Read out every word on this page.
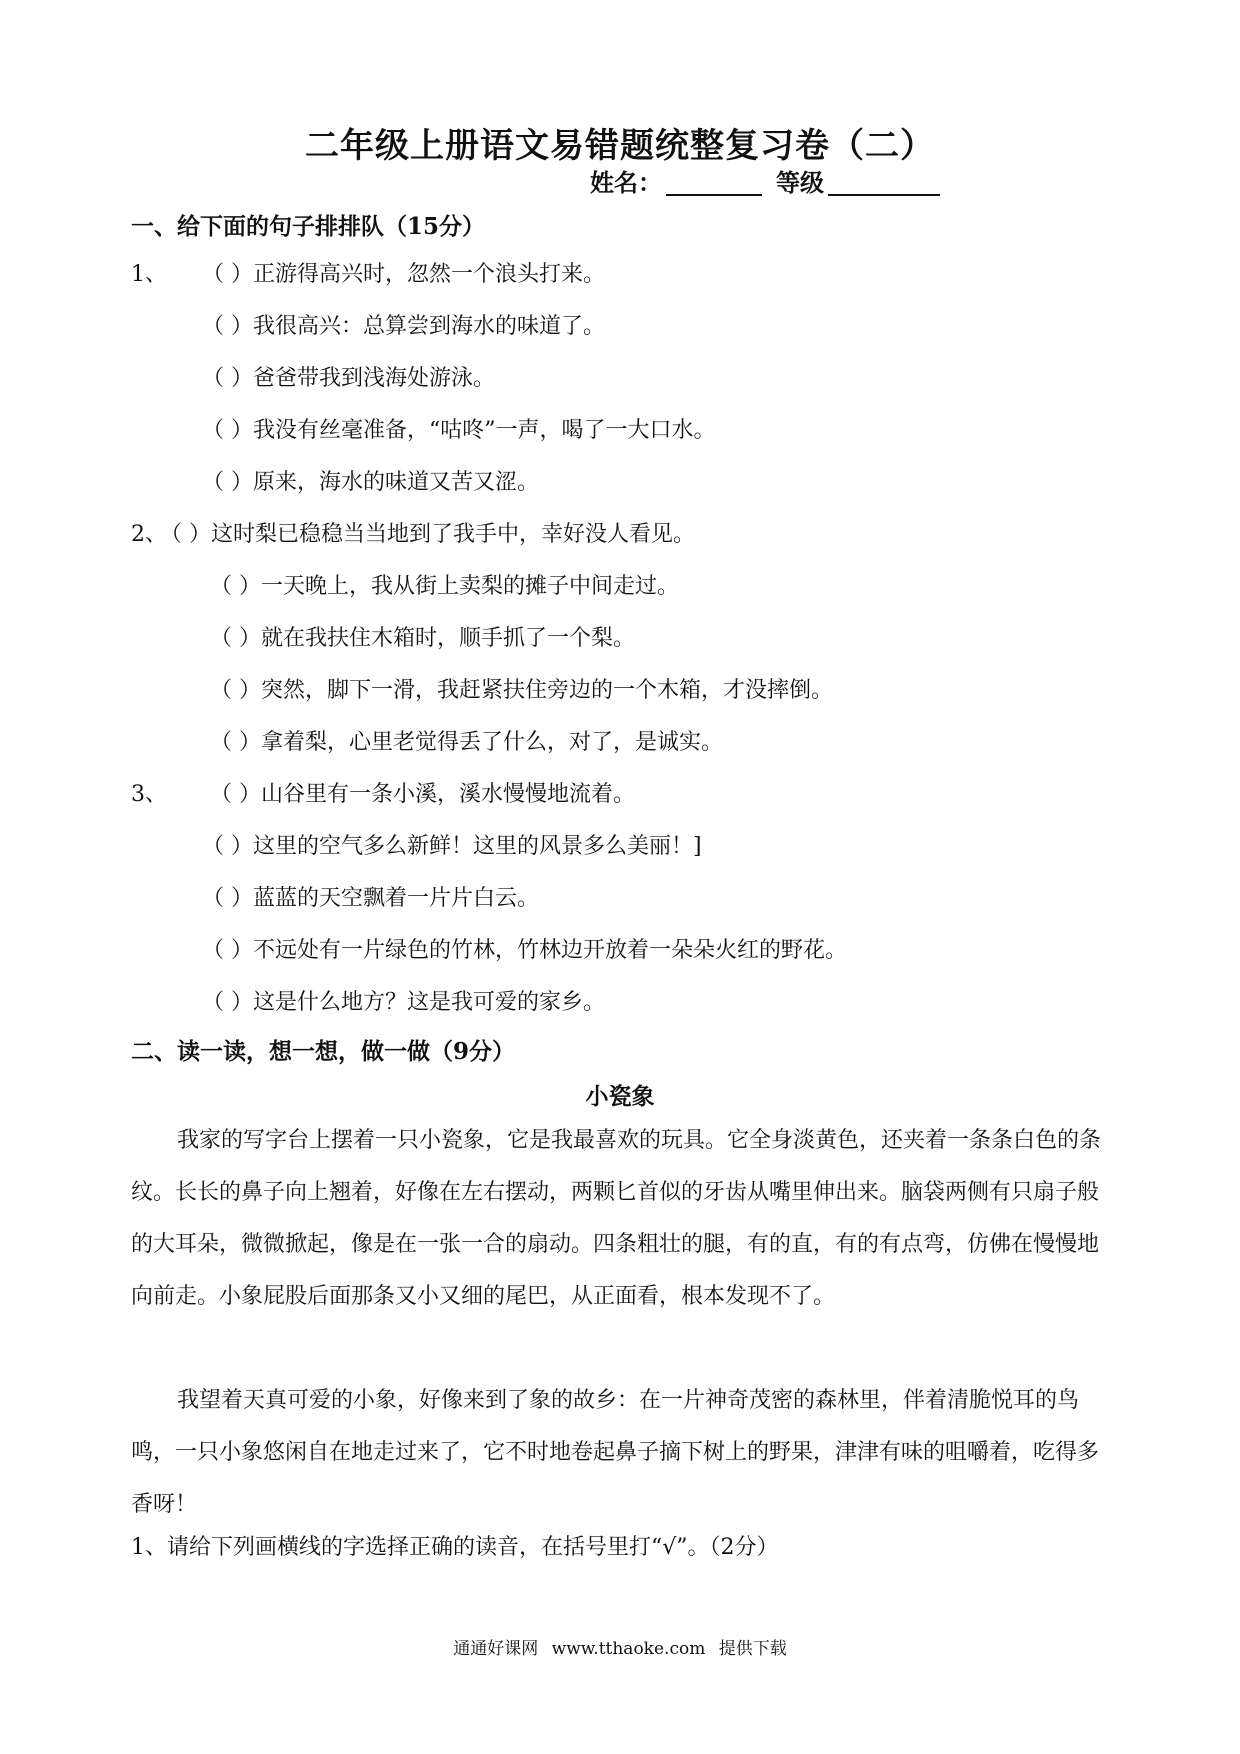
二年级上册语文易错题统整复习卷（二）
姓名：	等级
一、给下面的句子排排队（15分）
1、 （ ）正游得高兴时，忽然一个浪头打来。
（ ）我很高兴：总算尝到海水的味道了。
（ ）爸爸带我到浅海处游泳。
（ ）我没有丝毫准备，“咕咚”一声，喝了一大口水。
（ ）原来，海水的味道又苦又涩。
2、
（ ）这时梨已稳稳当当地到了我手中，幸好没人看见。
（ ）一天晚上，我从街上卖梨的摊子中间走过。
（ ）就在我扶住木箱时，顺手抓了一个梨。
（ ）突然，脚下一滑，我赶紧扶住旁边的一个木箱，才没摔倒。
（ ）拿着梨，心里老觉得丢了什么，对了，是诚实。
3、 （ ）山谷里有一条小溪，溪水慢慢地流着。
（ ）这里的空气多么新鲜！这里的风景多么美丽！]
（ ）蓝蓝的天空飘着一片片白云。
（ ）不远处有一片绿色的竹林，竹林边开放着一朵朵火红的野花。
（ ）这是什么地方？这是我可爱的家乡。
二、读一读，想一想，做一做（9分）
小瓷象
我家的写字台上摆着一只小瓷象，它是我最喜欢的玩具。它全身淡黄色，还夹着一条条白色的条纹。长长的鼻子向上翘着，好像在左右摆动，两颗匕首似的牙齿从嘴里伸出来。脑袋两侧有只扇子般的大耳朵，微微掀起，像是在一张一合的扇动。四条粗壮的腿，有的直，有的有点弯，仿佛在慢慢地向前走。小象屁股后面那条又小又细的尾巴，从正面看，根本发现不了。
我望着天真可爱的小象，好像来到了象的故乡：在一片神奇茂密的森林里，伴着清脆悦耳的鸟鸣，一只小象悠闲自在地走过来了，它不时地卷起鼻子摘下树上的野果，津津有味的咀嚼着，吃得多香呀！
1、请给下列画横线的字选择正确的读音，在括号里打“√”。（2分）
通通好课网 www.tthaoke.com 提供下载
